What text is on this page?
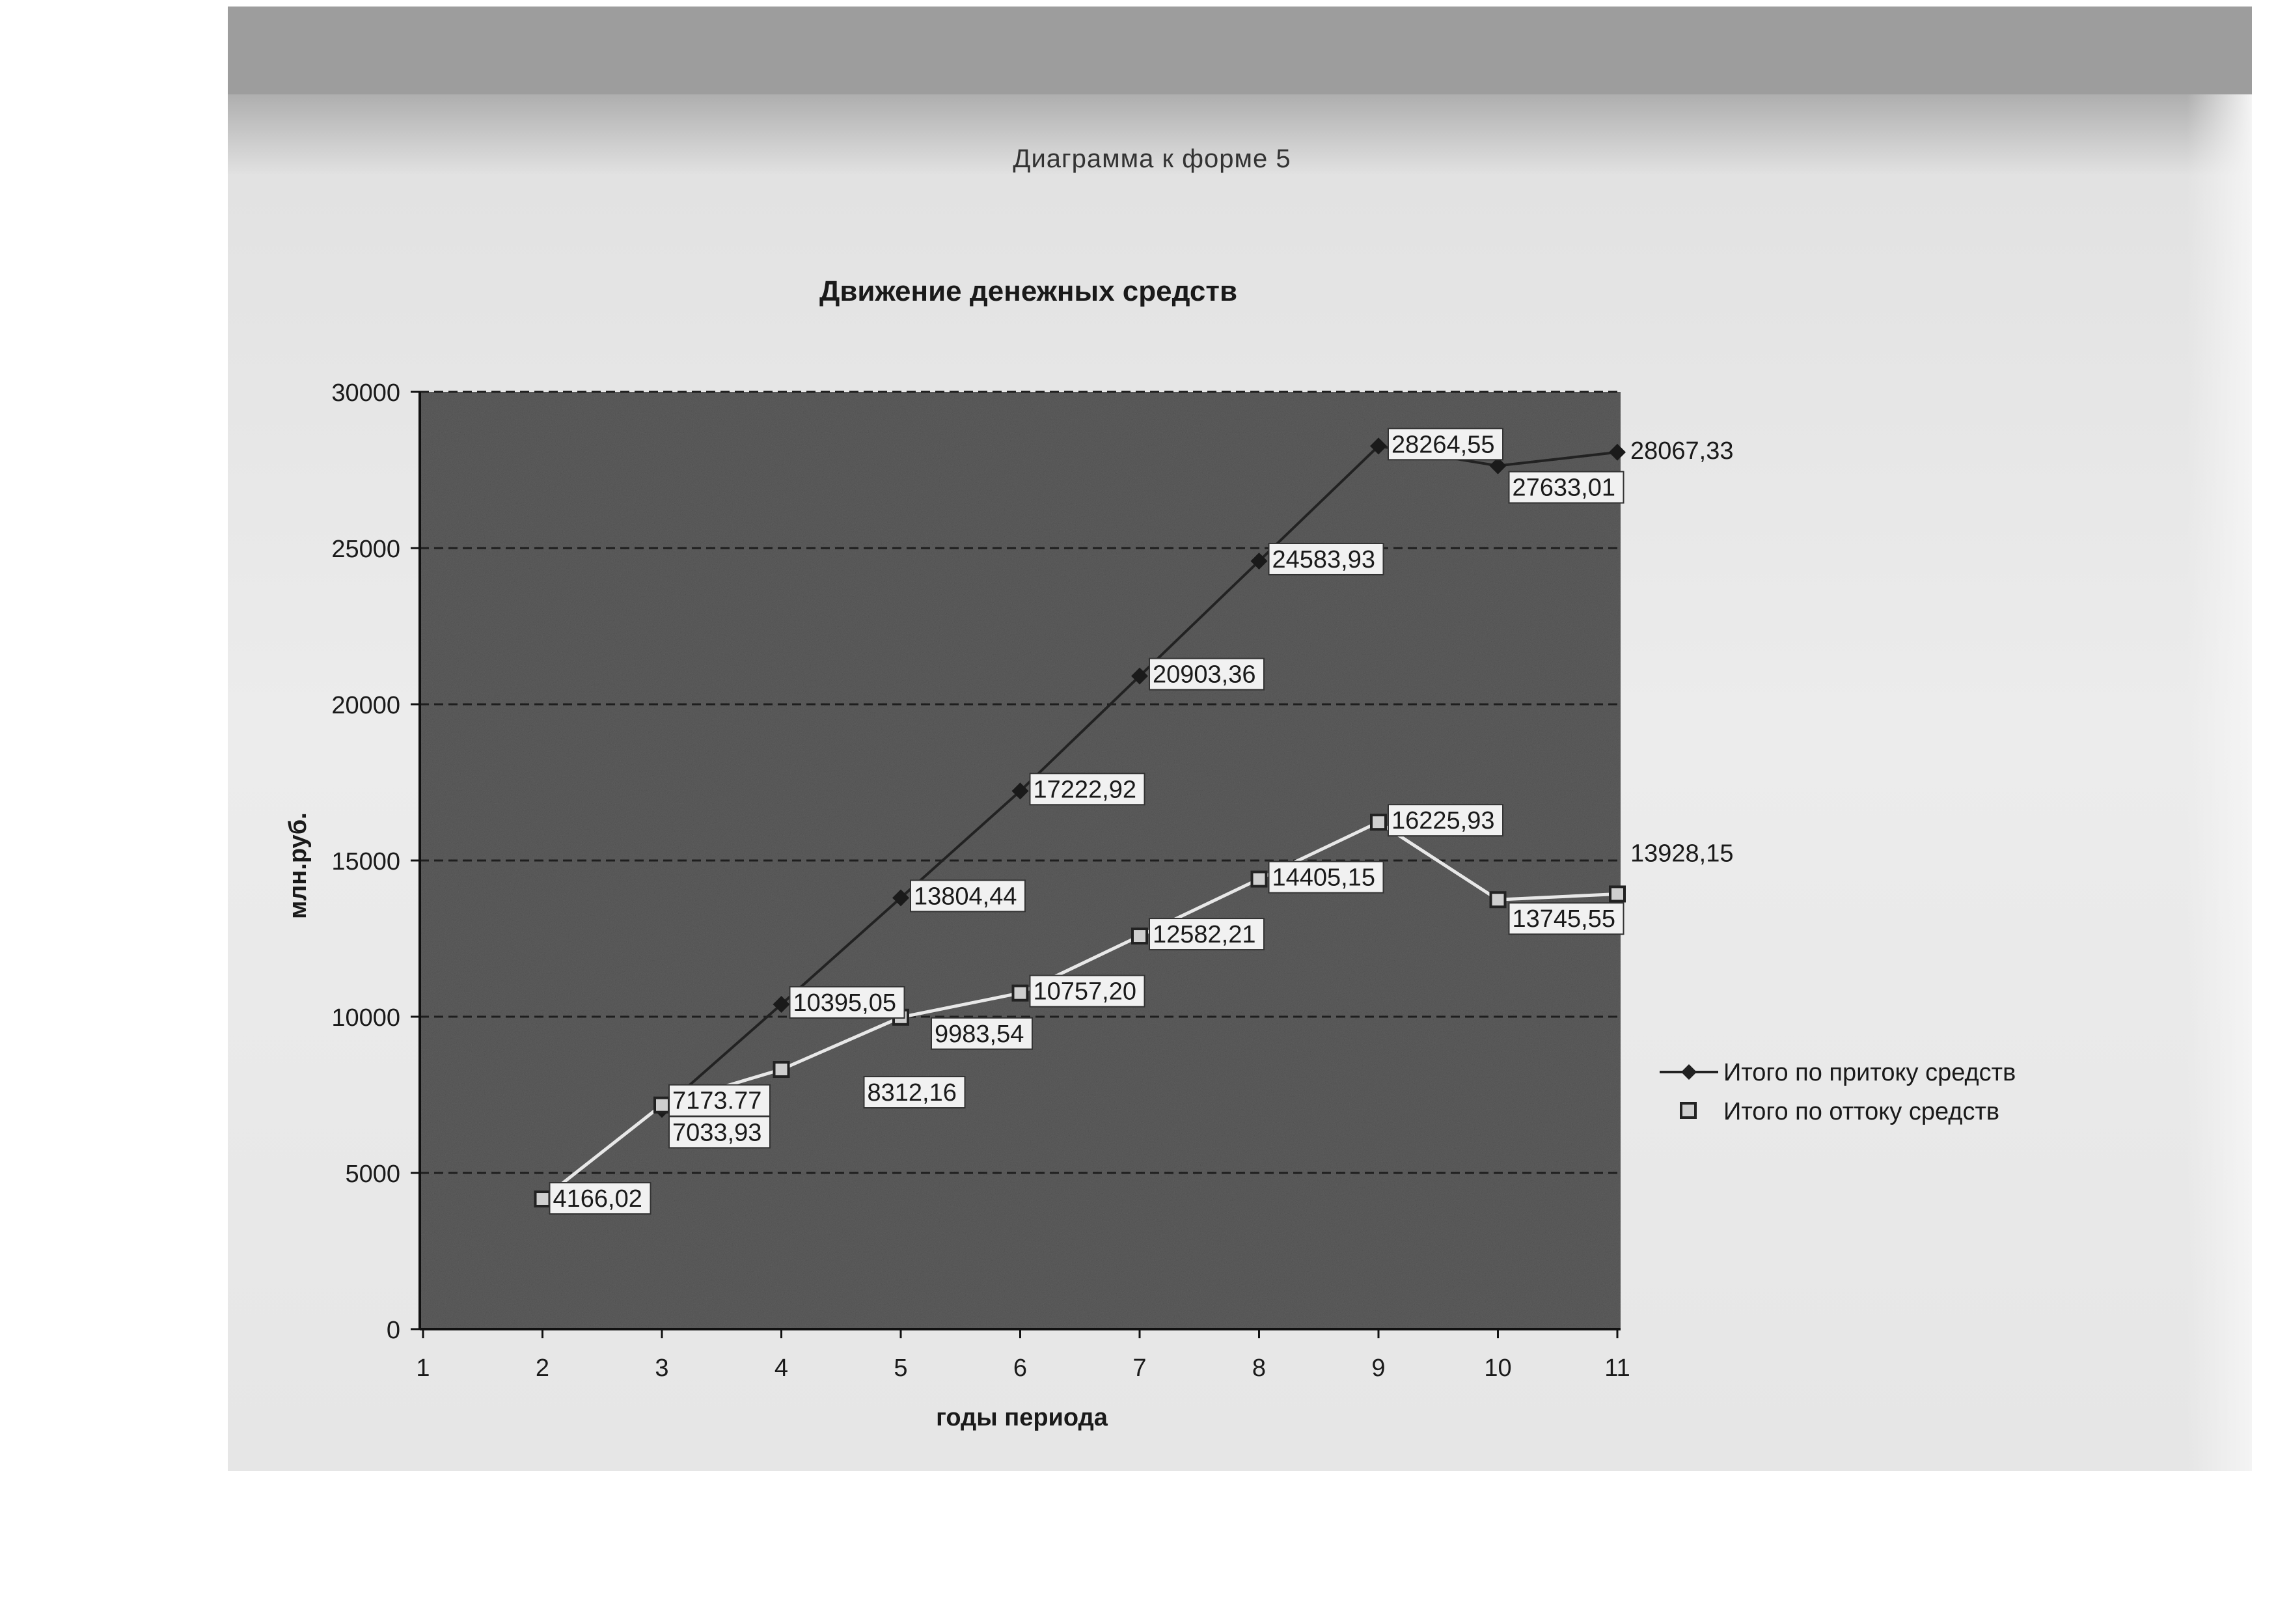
Диаграмма к форме 5
Движение денежных средств
0
5000
10000
15000
20000
25000
30000
1	2	3	4	5	6	7	8	9	10	11
млн.руб.
годы периода
7033,93
10395,05
13804,44
17222,92
20903,36
24583,93
28264,55
27633,01
28067,33
4166,02
7173.77	8312,16
9983,54
10757,20
12582,21
14405,15
16225,93
13745,55
13928,15
Итого по притоку средств
Итого по оттоку средств
